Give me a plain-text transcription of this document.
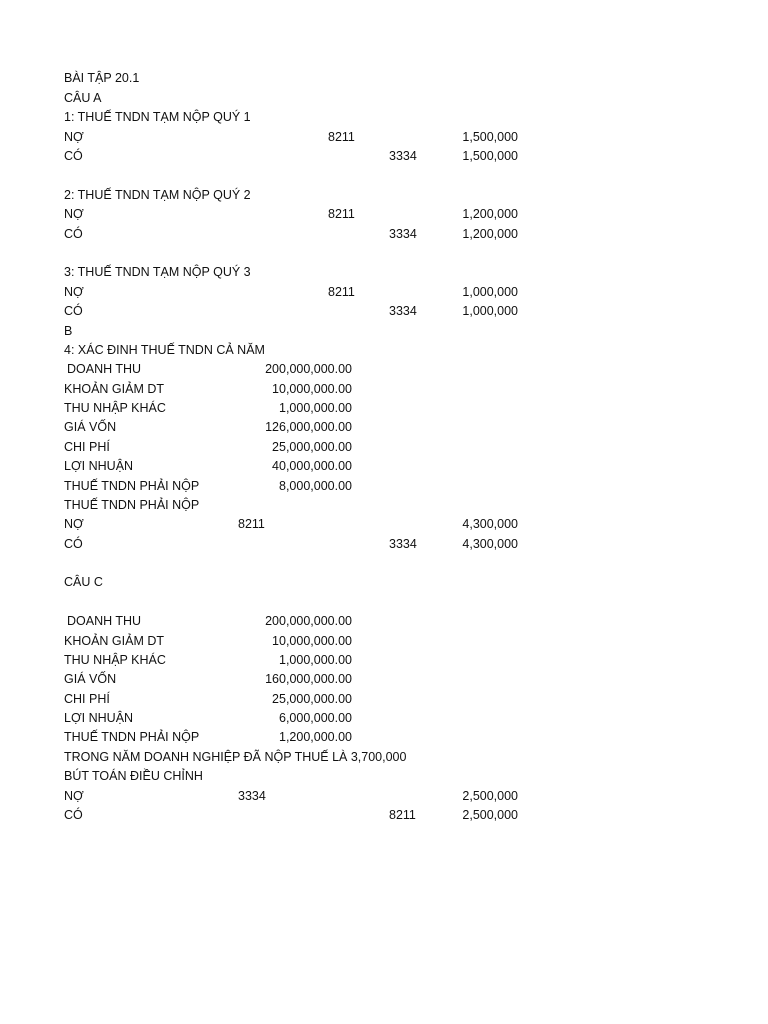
BÀI TẬP 20.1
CÂU A
1: THUẾ TNDN TẠM NỘP QUÝ 1
NỢ	8211	1,500,000
CÓ	3334	1,500,000
2: THUẾ TNDN TẠM NỘP QUÝ 2
NỢ	8211	1,200,000
CÓ	3334	1,200,000
3: THUẾ TNDN TẠM NỘP QUÝ 3
NỢ	8211	1,000,000
CÓ	3334	1,000,000
B
4: XÁC ĐINH THUẾ TNDN CẢ NĂM
DOANH THU	200,000,000.00
KHOẢN GIẢM DT	10,000,000.00
THU NHẬP KHÁC	1,000,000.00
GIÁ VỐN	126,000,000.00
CHI PHÍ	25,000,000.00
LỢI NHUẬN	40,000,000.00
THUẾ TNDN PHẢI NỘP	8,000,000.00
THUẾ TNDN PHẢI NỘP
NỢ	8211	4,300,000
CÓ	3334	4,300,000
CÂU C
DOANH THU	200,000,000.00
KHOẢN GIẢM DT	10,000,000.00
THU NHẬP KHÁC	1,000,000.00
GIÁ VỐN	160,000,000.00
CHI PHÍ	25,000,000.00
LỢI NHUẬN	6,000,000.00
THUẾ TNDN PHẢI NỘP	1,200,000.00
TRONG NĂM DOANH NGHIỆP ĐÃ NỘP THUẾ LÀ 3,700,000
BÚT TOÁN ĐIỀU CHỈNH
NỢ	3334	2,500,000
CÓ	8211	2,500,000
